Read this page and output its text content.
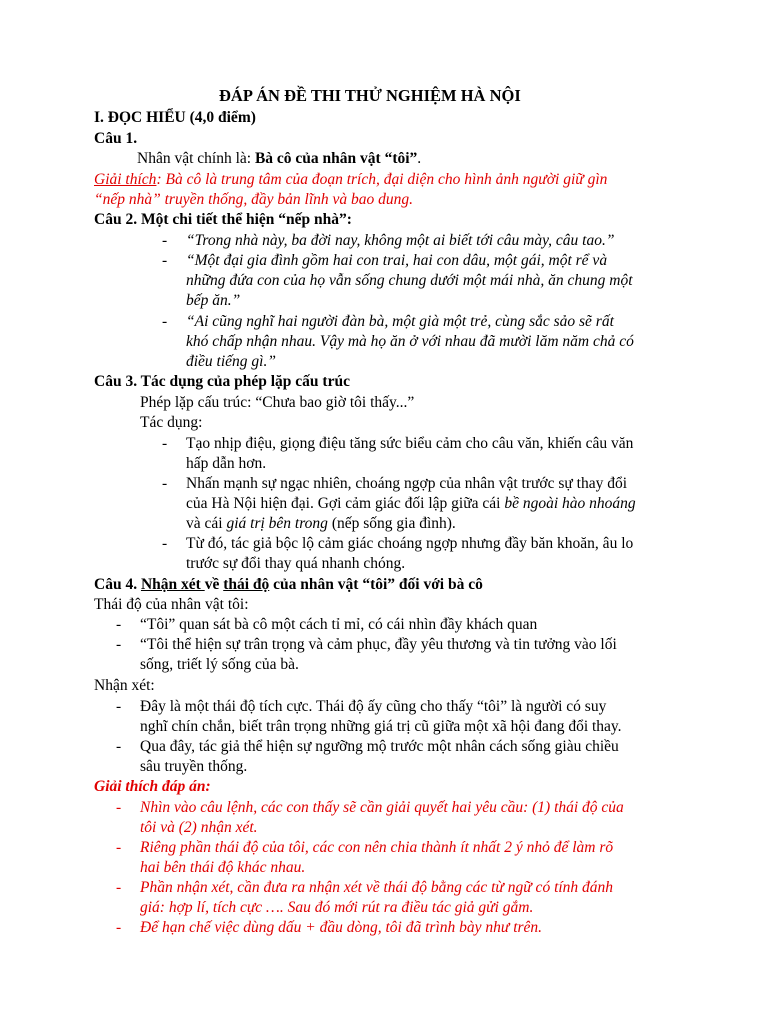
ĐÁP ÁN ĐỀ THI THỬ NGHIỆM HÀ NỘI
I. ĐỌC HIỂU (4,0 điểm)
Câu 1.
Nhân vật chính là: Bà cô của nhân vật “tôi”.
Giải thích: Bà cô là trung tâm của đoạn trích, đại diện cho hình ảnh người giữ gìn
“nếp nhà” truyền thống, đầy bản lĩnh và bao dung.
Câu 2. Một chi tiết thể hiện “nếp nhà”:
- “Trong nhà này, ba đời nay, không một ai biết tới câu mày, câu tao.”
- “Một đại gia đình gồm hai con trai, hai con dâu, một gái, một rể và
những đứa con của họ vẫn sống chung dưới một mái nhà, ăn chung một
bếp ăn.”
- “Ai cũng nghĩ hai người đàn bà, một già một trẻ, cùng sắc sảo sẽ rất
khó chấp nhận nhau. Vậy mà họ ăn ở với nhau đã mười lăm năm chả có
điều tiếng gì.”
Câu 3. Tác dụng của phép lặp cấu trúc
Phép lặp cấu trúc: “Chưa bao giờ tôi thấy...”
Tác dụng:
- Tạo nhịp điệu, giọng điệu tăng sức biểu cảm cho câu văn, khiến câu văn
hấp dẫn hơn.
- Nhấn mạnh sự ngạc nhiên, choáng ngợp của nhân vật trước sự thay đổi
của Hà Nội hiện đại. Gợi cảm giác đối lập giữa cái bề ngoài hào nhoáng
và cái giá trị bên trong (nếp sống gia đình).
- Từ đó, tác giả bộc lộ cảm giác choáng ngợp nhưng đầy băn khoăn, âu lo
trước sự đổi thay quá nhanh chóng.
Câu 4. Nhận xét về thái độ của nhân vật “tôi” đối với bà cô
Thái độ của nhân vật tôi:
- “Tôi” quan sát bà cô một cách tỉ mỉ, có cái nhìn đầy khách quan
- “Tôi thể hiện sự trân trọng và cảm phục, đầy yêu thương và tin tưởng vào lối
sống, triết lý sống của bà.
Nhận xét:
- Đây là một thái độ tích cực. Thái độ ấy cũng cho thấy “tôi” là người có suy
nghĩ chín chắn, biết trân trọng những giá trị cũ giữa một xã hội đang đổi thay.
- Qua đây, tác giả thể hiện sự ngưỡng mộ trước một nhân cách sống giàu chiều
sâu truyền thống.
Giải thích đáp án:
- Nhìn vào câu lệnh, các con thấy sẽ cần giải quyết hai yêu cầu: (1) thái độ của
tôi và (2) nhận xét.
- Riêng phần thái độ của tôi, các con nên chia thành ít nhất 2 ý nhỏ để làm rõ
hai bên thái độ khác nhau.
- Phần nhận xét, cần đưa ra nhận xét về thái độ bằng các từ ngữ có tính đánh
giá: hợp lí, tích cực …. Sau đó mới rút ra điều tác giả gửi gắm.
- Để hạn chế việc dùng dấu + đầu dòng, tôi đã trình bày như trên.
